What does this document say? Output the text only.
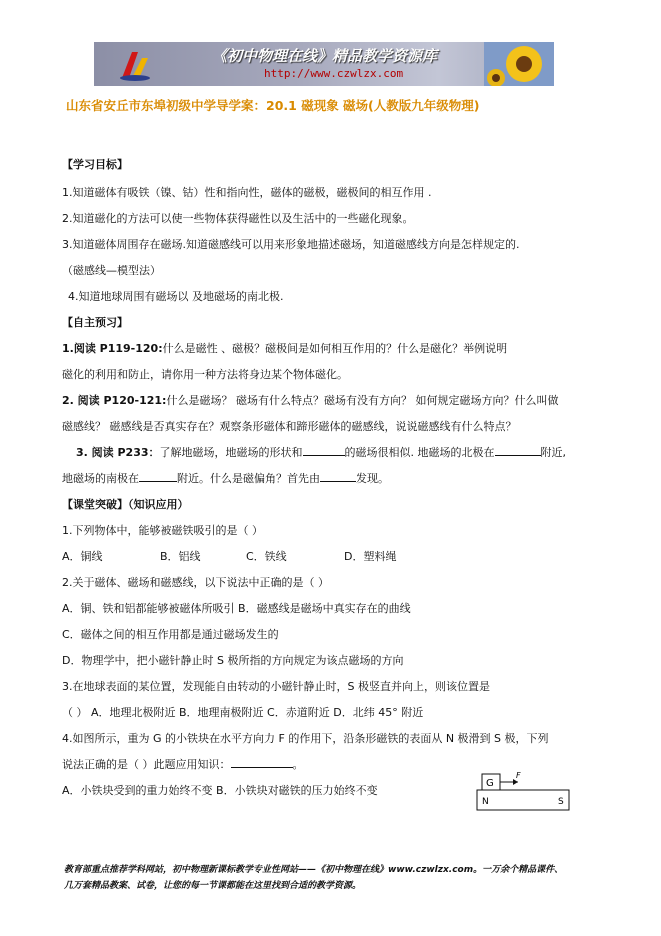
《初中物理在线》精品教学资源库
http://www.czwlzx.com
山东省安丘市东埠初级中学导学案：20.1 磁现象 磁场(人教版九年级物理)
【学习目标】
1.知道磁体有吸铁（镍、钴）性和指向性，磁体的磁极，磁极间的相互作用 .
2.知道磁化的方法可以使一些物体获得磁性以及生活中的一些磁化现象。
3.知道磁体周围存在磁场.知道磁感线可以用来形象地描述磁场，知道磁感线方向是怎样规定的.
（磁感线—模型法）
4.知道地球周围有磁场以 及地磁场的南北极.
【自主预习】
1.阅读 P119-120:什么是磁性 、磁极？磁极间是如何相互作用的？什么是磁化？举例说明
磁化的利用和防止，请你用一种方法将身边某个物体磁化。
2. 阅读 P120-121:什么是磁场？ 磁场有什么特点？磁场有没有方向？ 如何规定磁场方向？什么叫做
磁感线？ 磁感线是否真实存在？观察条形磁体和蹄形磁体的磁感线，说说磁感线有什么特点？
3. 阅读 P233：了解地磁场，地磁场的形状和	的磁场很相似. 地磁场的北极在	附近,
地磁场的南极在	附近。什么是磁偏角？首先由	发现。
【课堂突破】（知识应用）
1.下列物体中，能够被磁铁吸引的是（ ）
A．铜线	B．铝线	C．铁线	D．塑料绳
2.关于磁体、磁场和磁感线，以下说法中正确的是（ ）
A．铜、铁和铝都能够被磁体所吸引 B．磁感线是磁场中真实存在的曲线
C．磁体之间的相互作用都是通过磁场发生的
D．物理学中，把小磁针静止时 S 极所指的方向规定为该点磁场的方向
3.在地球表面的某位置，发现能自由转动的小磁针静止时，S 极竖直并向上，则该位置是
（ ） A．地理北极附近 B．地理南极附近 C．赤道附近 D．北纬 45° 附近
4.如图所示，重为 G 的小铁块在水平方向力 F 的作用下，沿条形磁铁的表面从 N 极滑到 S 极，下列
说法正确的是（ ）此题应用知识：	。
A．小铁块受到的重力始终不变 B．小铁块对磁铁的压力始终不变
G
F
N	S
教育部重点推荐学科网站，初中物理新课标教学专业性网站——《初中物理在线》www.czwlzx.com。一万余个精品课件、
几万套精品教案、试卷，让您的每一节课都能在这里找到合适的教学资源。
